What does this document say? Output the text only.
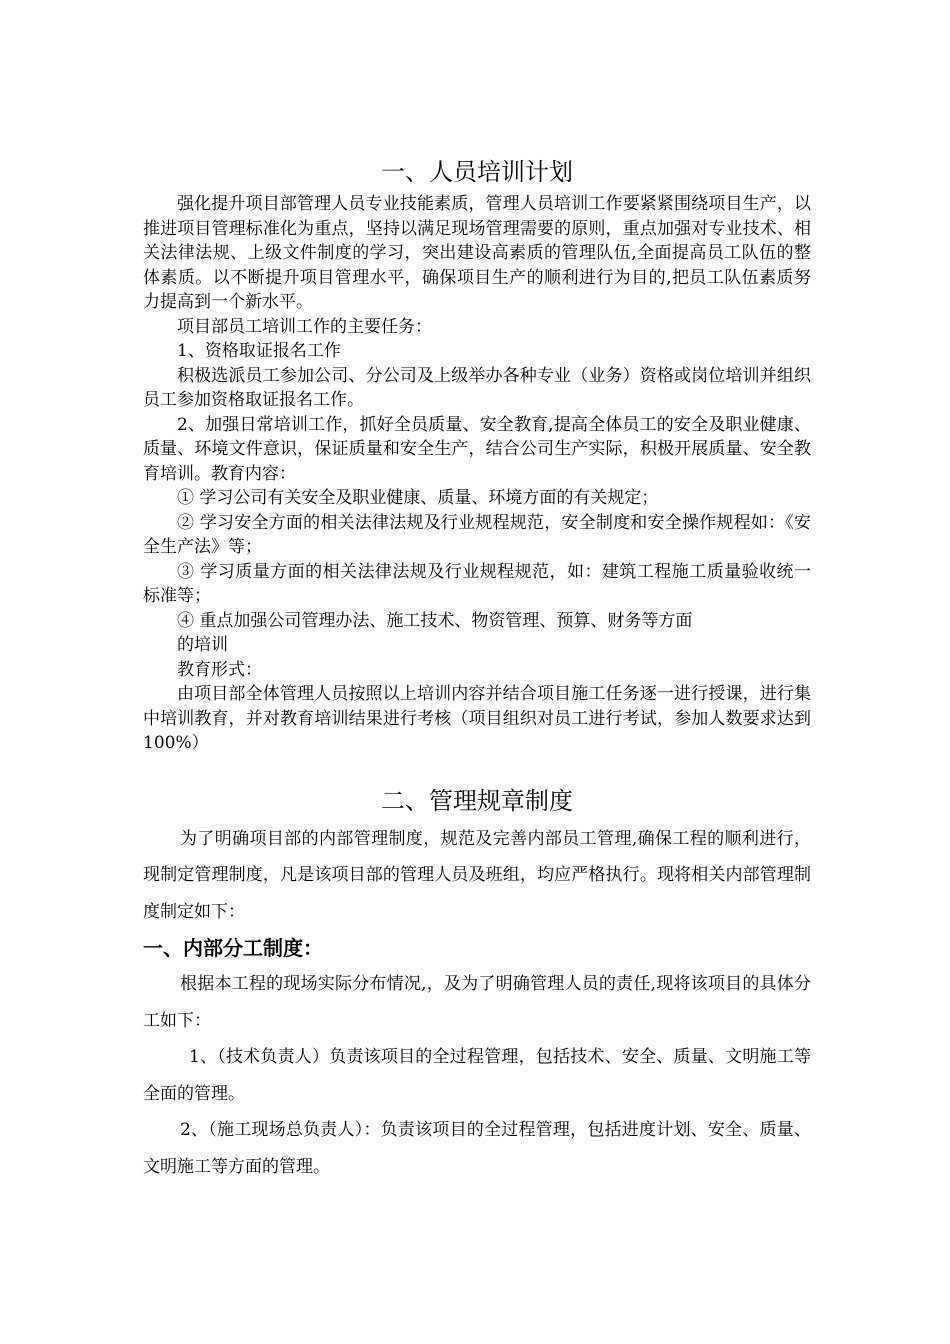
一、人员培训计划

强化提升项目部管理人员专业技能素质，管理人员培训工作要紧紧围绕项目生产，以推进项目管理标准化为重点，坚持以满足现场管理需要的原则，重点加强对专业技术、相关法律法规、上级文件制度的学习，突出建设高素质的管理队伍,全面提高员工队伍的整体素质。以不断提升项目管理水平，确保项目生产的顺利进行为目的,把员工队伍素质努力提高到一个新水平。

项目部员工培训工作的主要任务：

1、资格取证报名工作

积极选派员工参加公司、分公司及上级举办各种专业（业务）资格或岗位培训并组织员工参加资格取证报名工作。

2、加强日常培训工作，抓好全员质量、安全教育,提高全体员工的安全及职业健康、质量、环境文件意识，保证质量和安全生产，结合公司生产实际，积极开展质量、安全教育培训。教育内容：

① 学习公司有关安全及职业健康、质量、环境方面的有关规定；

② 学习安全方面的相关法律法规及行业规程规范，安全制度和安全操作规程如：《安全生产法》等；

③ 学习质量方面的相关法律法规及行业规程规范，如：建筑工程施工质量验收统一标准等；

④ 重点加强公司管理办法、施工技术、物资管理、预算、财务等方面

的培训

教育形式：

由项目部全体管理人员按照以上培训内容并结合项目施工任务逐一进行授课，进行集中培训教育，并对教育培训结果进行考核（项目组织对员工进行考试，参加人数要求达到100%）

二、管理规章制度

为了明确项目部的内部管理制度，规范及完善内部员工管理,确保工程的顺利进行，现制定管理制度，凡是该项目部的管理人员及班组，均应严格执行。现将相关内部管理制度制定如下：

一、内部分工制度：

根据本工程的现场实际分布情况,，及为了明确管理人员的责任,现将该项目的具体分工如下：

1、（技术负责人）负责该项目的全过程管理，包括技术、安全、质量、文明施工等全面的管理。

2、（施工现场总负责人）：负责该项目的全过程管理，包括进度计划、安全、质量、文明施工等方面的管理。
